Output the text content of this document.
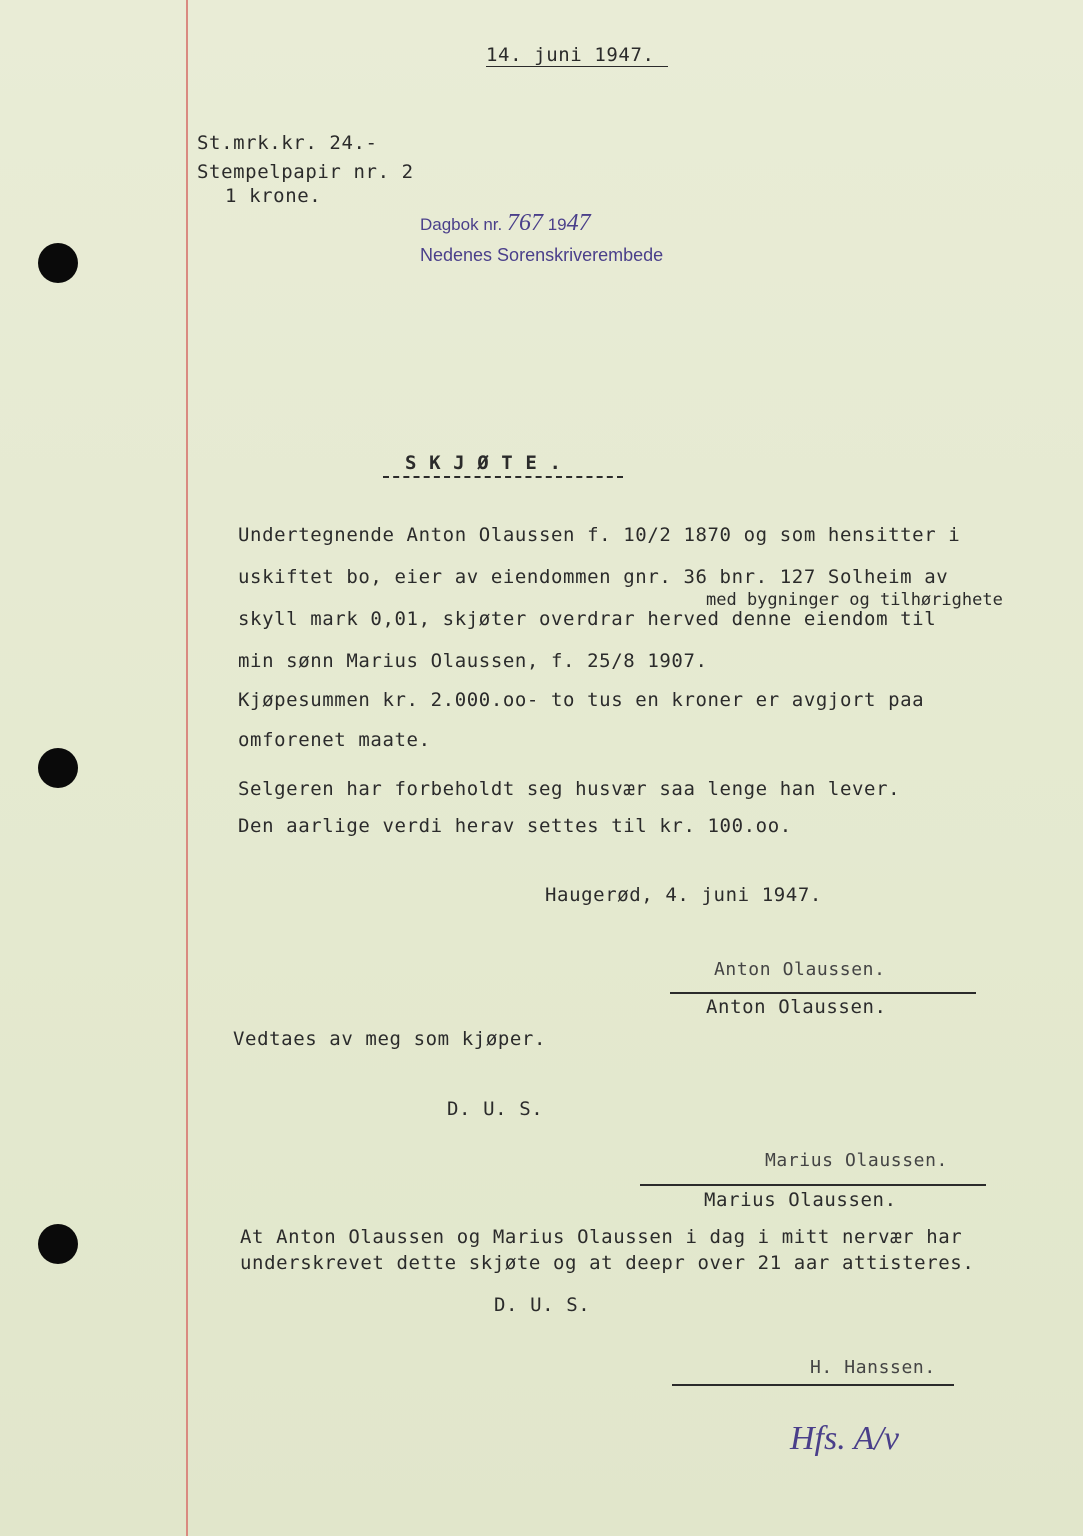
14. juni 1947.
St.mrk.kr. 24.-
Stempelpapir nr. 2
1 krone.
Dagbok nr. 767 1947
Nedenes Sorenskriverembede
S K J Ø T E .
Undertegnende Anton Olaussen f. 10/2 1870 og som hensitter i
uskiftet bo, eier av eiendommen gnr. 36 bnr. 127 Solheim av
med bygninger og tilhørighete
skyll mark 0,01, skjøter overdrar herved denne eiendom til
min sønn Marius Olaussen, f. 25/8 1907.
Kjøpesummen kr. 2.000.oo- to tus en kroner er avgjort paa
omforenet maate.
Selgeren har forbeholdt seg husvær saa lenge han lever.
Den aarlige verdi herav settes til kr. 100.oo.
Haugerød, 4. juni 1947.
Anton Olaussen.
Anton Olaussen.
Vedtaes av meg som kjøper.
D. U. S.
Marius Olaussen.
Marius Olaussen.
At Anton Olaussen og Marius Olaussen i dag i mitt nervær har
underskrevet dette skjøte og at deepr over 21 aar attisteres.
D. U. S.
H. Hanssen.
Hfs. A/v
